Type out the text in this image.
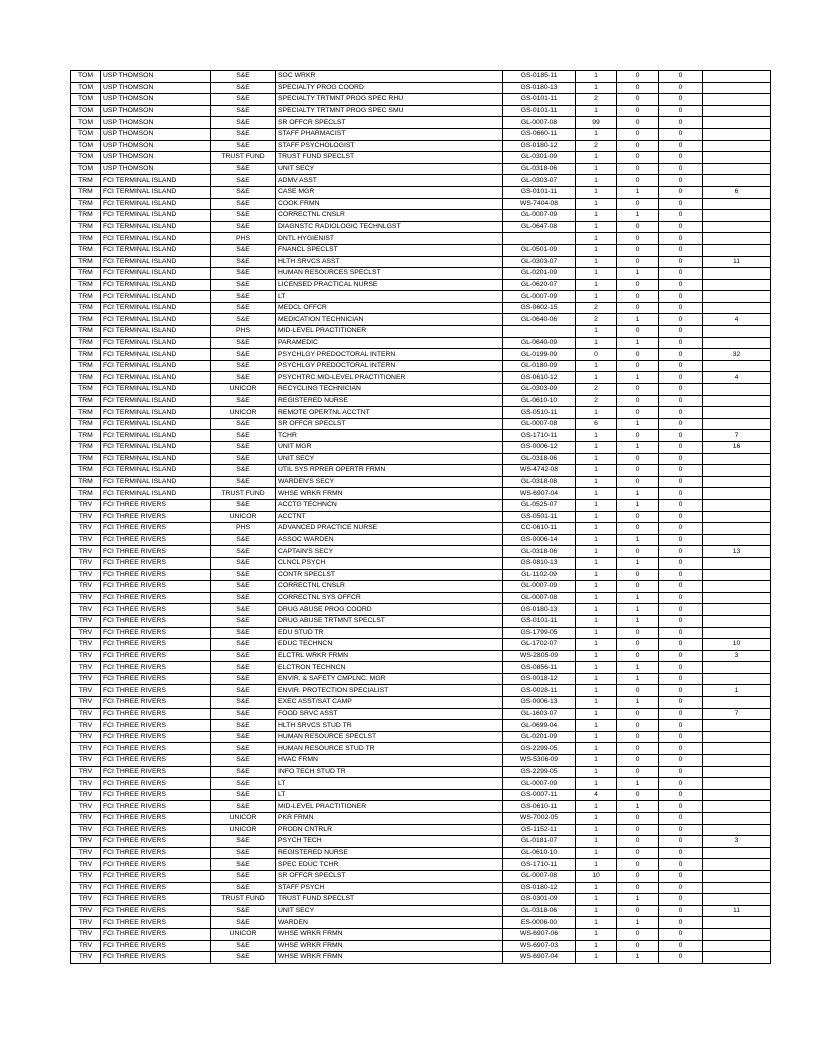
TOM	USP THOMSON	S&E	SOC WRKR	GS-0185-11	1	0	0	
TOM	USP THOMSON	S&E	SPECIALTY PROG COORD	GS-0180-13	1	0	0	
TOM	USP THOMSON	S&E	SPECIALTY TRTMNT PROG SPEC RHU	GS-0101-11	2	0	0	
TOM	USP THOMSON	S&E	SPECIALTY TRTMNT PROG SPEC SMU	GS-0101-11	1	0	0	
TOM	USP THOMSON	S&E	SR OFFCR SPECLST	GL-0007-08	99	0	0	
TOM	USP THOMSON	S&E	STAFF PHARMACIST	GS-0660-11	1	0	0	
TOM	USP THOMSON	S&E	STAFF PSYCHOLOGIST	GS-0180-12	2	0	0	
TOM	USP THOMSON	TRUST FUND	TRUST FUND SPECLST	GL-0301-09	1	0	0	
TOM	USP THOMSON	S&E	UNIT SECY	GL-0318-06	1	0	0	
TRM	FCI TERMINAL ISLAND	S&E	ADMV ASST	GL-0303-07	1	0	0	
TRM	FCI TERMINAL ISLAND	S&E	CASE MGR	GS-0101-11	1	1	0	6
TRM	FCI TERMINAL ISLAND	S&E	COOK FRMN	WS-7404-08	1	0	0	
TRM	FCI TERMINAL ISLAND	S&E	CORRECTNL CNSLR	GL-0007-09	1	1	0	
TRM	FCI TERMINAL ISLAND	S&E	DIAGNSTC RADIOLOGIC TECHNLGST	GL-0647-08	1	0	0	
TRM	FCI TERMINAL ISLAND	PHS	DNTL HYGIENIST		1	0	0	
TRM	FCI TERMINAL ISLAND	S&E	FNANCL SPECLST	GL-0501-09	1	0	0	
TRM	FCI TERMINAL ISLAND	S&E	HLTH SRVCS ASST	GL-0303-07	1	0	0	11
TRM	FCI TERMINAL ISLAND	S&E	HUMAN RESOURCES SPECLST	GL-0201-09	1	1	0	
TRM	FCI TERMINAL ISLAND	S&E	LICENSED PRACTICAL NURSE	GL-0620-07	1	0	0	
TRM	FCI TERMINAL ISLAND	S&E	LT	GL-0007-09	1	0	0	
TRM	FCI TERMINAL ISLAND	S&E	MEDCL OFFCR	GS-0602-15	2	0	0	
TRM	FCI TERMINAL ISLAND	S&E	MEDICATION TECHNICIAN	GL-0640-06	2	1	0	4
TRM	FCI TERMINAL ISLAND	PHS	MID-LEVEL PRACTITIONER		1	0	0	
TRM	FCI TERMINAL ISLAND	S&E	PARAMEDIC	GL-0640-09	1	1	0	
TRM	FCI TERMINAL ISLAND	S&E	PSYCHLGY PREDOCTORAL INTERN	GL-0199-09	0	0	0	32
TRM	FCI TERMINAL ISLAND	S&E	PSYCHLGY PREDOCTORAL INTERN	GL-0180-09	1	0	0	
TRM	FCI TERMINAL ISLAND	S&E	PSYCHTRC MID-LEVEL PRACTITIONER	GS-0610-12	1	1	0	4
TRM	FCI TERMINAL ISLAND	UNICOR	RECYCLING TECHNICIAN	GL-0303-09	2	0	0	
TRM	FCI TERMINAL ISLAND	S&E	REGISTERED NURSE	GL-0610-10	2	0	0	
TRM	FCI TERMINAL ISLAND	UNICOR	REMOTE OPERTNL ACCTNT	GS-0510-11	1	0	0	
TRM	FCI TERMINAL ISLAND	S&E	SR OFFCR SPECLST	GL-0007-08	6	1	0	
TRM	FCI TERMINAL ISLAND	S&E	TCHR	GS-1710-11	1	0	0	7
TRM	FCI TERMINAL ISLAND	S&E	UNIT MGR	GS-0006-12	1	1	0	16
TRM	FCI TERMINAL ISLAND	S&E	UNIT SECY	GL-0318-06	1	0	0	
TRM	FCI TERMINAL ISLAND	S&E	UTIL SYS RPRER OPERTR FRMN	WS-4742-08	1	0	0	
TRM	FCI TERMINAL ISLAND	S&E	WARDEN'S SECY	GL-0318-08	1	0	0	
TRM	FCI TERMINAL ISLAND	TRUST FUND	WHSE WRKR FRMN	WS-6907-04	1	1	0	
TRV	FCI THREE RIVERS	S&E	ACCTG TECHNCN	GL-0525-07	1	1	0	
TRV	FCI THREE RIVERS	UNICOR	ACCTNT	GS-0501-11	1	0	0	
TRV	FCI THREE RIVERS	PHS	ADVANCED PRACTICE NURSE	CC-0610-11	1	0	0	
TRV	FCI THREE RIVERS	S&E	ASSOC WARDEN	GS-0006-14	1	1	0	
TRV	FCI THREE RIVERS	S&E	CAPTAIN'S SECY	GL-0318-06	1	0	0	13
TRV	FCI THREE RIVERS	S&E	CLNCL PSYCH	GS-0810-13	1	1	0	
TRV	FCI THREE RIVERS	S&E	CONTR SPECLST	GL-1102-09	1	0	0	
TRV	FCI THREE RIVERS	S&E	CORRECTNL CNSLR	GL-0007-09	1	0	0	
TRV	FCI THREE RIVERS	S&E	CORRECTNL SYS OFFCR	GL-0007-08	1	1	0	
TRV	FCI THREE RIVERS	S&E	DRUG ABUSE PROG COORD	GS-0180-13	1	1	0	
TRV	FCI THREE RIVERS	S&E	DRUG ABUSE TRTMNT SPECLST	GS-0101-11	1	1	0	
TRV	FCI THREE RIVERS	S&E	EDU STUD TR	GS-1799-05	1	0	0	
TRV	FCI THREE RIVERS	S&E	EDUC TECHNCN	GL-1702-07	1	0	0	10
TRV	FCI THREE RIVERS	S&E	ELCTRL WRKR FRMN	WS-2805-09	1	0	0	3
TRV	FCI THREE RIVERS	S&E	ELCTRON TECHNCN	GS-0856-11	1	1	0	
TRV	FCI THREE RIVERS	S&E	ENVIR. & SAFETY CMPLNC. MGR	GS-0018-12	1	1	0	
TRV	FCI THREE RIVERS	S&E	ENVIR. PROTECTION SPECIALIST	GS-0028-11	1	0	0	1
TRV	FCI THREE RIVERS	S&E	EXEC ASST/SAT CAMP	GS-0006-13	1	1	0	
TRV	FCI THREE RIVERS	S&E	FOOD SRVC ASST	GL-1603-07	1	0	0	7
TRV	FCI THREE RIVERS	S&E	HLTH SRVCS STUD TR	GL-0699-04	1	0	0	
TRV	FCI THREE RIVERS	S&E	HUMAN RESOURCE SPECLST	GL-0201-09	1	0	0	
TRV	FCI THREE RIVERS	S&E	HUMAN RESOURCE STUD TR	GS-2299-05	1	0	0	
TRV	FCI THREE RIVERS	S&E	HVAC FRMN	WS-5306-09	1	0	0	
TRV	FCI THREE RIVERS	S&E	INFO TECH STUD TR	GS-2299-05	1	0	0	
TRV	FCI THREE RIVERS	S&E	LT	GL-0007-09	1	1	0	
TRV	FCI THREE RIVERS	S&E	LT	GS-0007-11	4	0	0	
TRV	FCI THREE RIVERS	S&E	MID-LEVEL PRACTITIONER	GS-0610-11	1	1	0	
TRV	FCI THREE RIVERS	UNICOR	PKR FRMN	WS-7002-05	1	0	0	
TRV	FCI THREE RIVERS	UNICOR	PRODN CNTRLR	GS-1152-11	1	0	0	
TRV	FCI THREE RIVERS	S&E	PSYCH TECH	GL-0181-07	1	0	0	3
TRV	FCI THREE RIVERS	S&E	REGISTERED NURSE	GL-0610-10	1	0	0	
TRV	FCI THREE RIVERS	S&E	SPEC EDUC TCHR	GS-1710-11	1	0	0	
TRV	FCI THREE RIVERS	S&E	SR OFFCR SPECLST	GL-0007-08	10	0	0	
TRV	FCI THREE RIVERS	S&E	STAFF PSYCH	GS-0180-12	1	0	0	
TRV	FCI THREE RIVERS	TRUST FUND	TRUST FUND SPECLST	GS-0301-09	1	1	0	
TRV	FCI THREE RIVERS	S&E	UNIT SECY	GL-0318-06	1	0	0	11
TRV	FCI THREE RIVERS	S&E	WARDEN	ES-0006-00	1	1	0	
TRV	FCI THREE RIVERS	UNICOR	WHSE WRKR FRMN	WS-6907-06	1	0	0	
TRV	FCI THREE RIVERS	S&E	WHSE WRKR FRMN	WS-6907-03	1	0	0	
TRV	FCI THREE RIVERS	S&E	WHSE WRKR FRMN	WS-6907-04	1	1	0	
